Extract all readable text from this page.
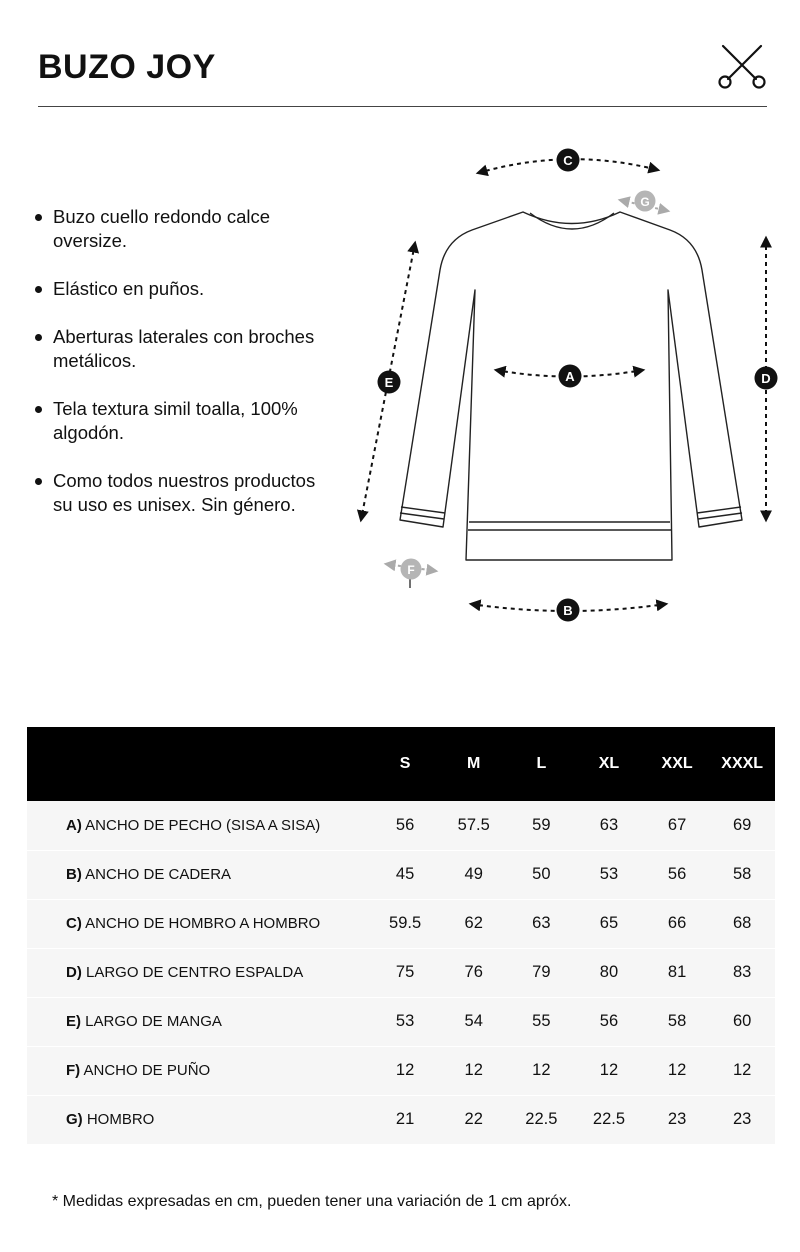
BUZO JOY
Buzo cuello redondo calce oversize.
Elástico en puños.
Aberturas laterales con broches metálicos.
Tela textura simil toalla, 100% algodón.
Como todos nuestros productos su uso es unisex. Sin género.
C
A
B
D
E
G
F
	S	M	L	XL	XXL	XXXL
A) ANCHO DE PECHO (SISA A SISA)	56	57.5	59	63	67	69
B) ANCHO DE CADERA	45	49	50	53	56	58
C) ANCHO DE HOMBRO A HOMBRO	59.5	62	63	65	66	68
D) LARGO DE CENTRO ESPALDA	75	76	79	80	81	83
E) LARGO DE MANGA	53	54	55	56	58	60
F) ANCHO DE PUÑO	12	12	12	12	12	12
G) HOMBRO	21	22	22.5	22.5	23	23

* Medidas expresadas en cm, pueden tener una variación de 1 cm apróx.
